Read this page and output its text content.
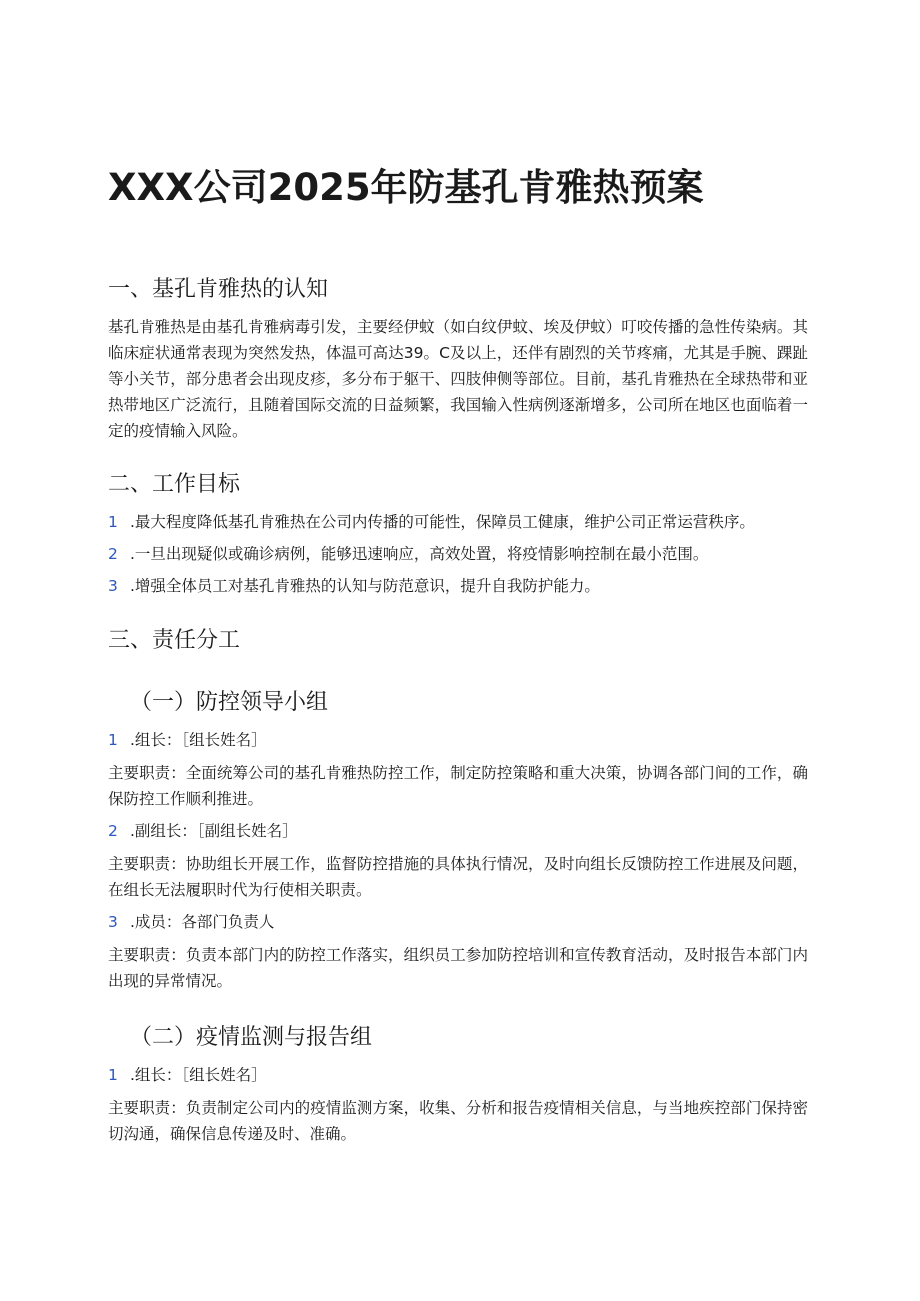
XXX公司2025年防基孔肯雅热预案
一、基孔肯雅热的认知

基孔肯雅热是由基孔肯雅病毒引发，主要经伊蚊（如白纹伊蚊、埃及伊蚊）叮咬传播的急性传染病。其临床症状通常表现为突然发热，体温可高达39。C及以上，还伴有剧烈的关节疼痛，尤其是手腕、踝趾等小关节，部分患者会出现皮疹，多分布于躯干、四肢伸侧等部位。目前，基孔肯雅热在全球热带和亚热带地区广泛流行，且随着国际交流的日益频繁，我国输入性病例逐渐增多，公司所在地区也面临着一定的疫情输入风险。

二、工作目标
1 .最大程度降低基孔肯雅热在公司内传播的可能性，保障员工健康，维护公司正常运营秩序。
2 .一旦出现疑似或确诊病例，能够迅速响应，高效处置，将疫情影响控制在最小范围。
3 .增强全体员工对基孔肯雅热的认知与防范意识，提升自我防护能力。
三、责任分工
（一）防控领导小组
1 .组长：［组长姓名］

主要职责：全面统筹公司的基孔肯雅热防控工作，制定防控策略和重大决策，协调各部门间的工作，确保防控工作顺利推进。

2 .副组长：［副组长姓名］

主要职责：协助组长开展工作，监督防控措施的具体执行情况，及时向组长反馈防控工作进展及问题，在组长无法履职时代为行使相关职责。

3 .成员：各部门负责人

主要职责：负责本部门内的防控工作落实，组织员工参加防控培训和宣传教育活动，及时报告本部门内出现的异常情况。

（二）疫情监测与报告组
1 .组长：［组长姓名］

主要职责：负责制定公司内的疫情监测方案，收集、分析和报告疫情相关信息，与当地疾控部门保持密切沟通，确保信息传递及时、准确。
